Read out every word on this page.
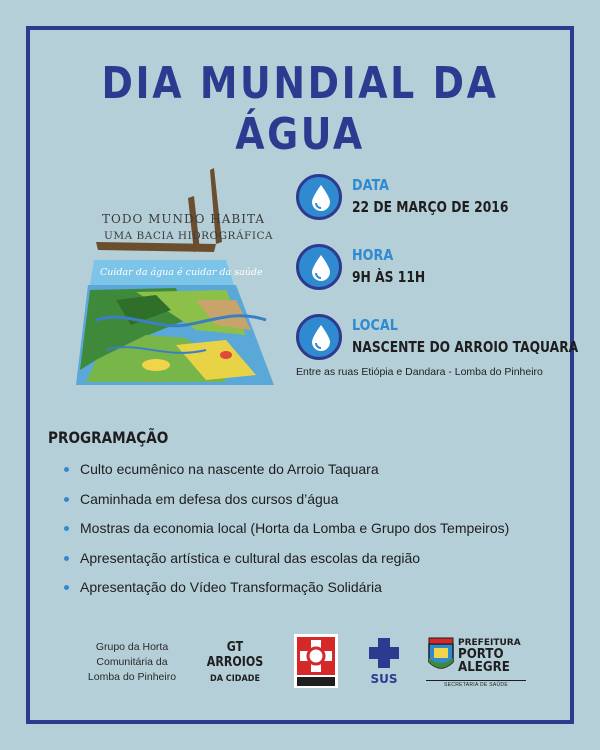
DIA MUNDIAL DA ÁGUA
TODO MUNDO HABITA
UMA BACIA HIDROGRÁFICA
Cuidar da água é cuidar da saúde
DATA
22 DE MARÇO DE 2016
HORA
9H ÀS 11H
LOCAL
NASCENTE DO ARROIO TAQUARA
Entre as ruas Etiópia e Dandara - Lomba do Pinheiro
PROGRAMAÇÃO
Culto ecumênico na nascente do Arroio Taquara
Caminhada em defesa dos cursos d’água
Mostras da economia local (Horta da Lomba e Grupo dos Tempeiros)
Apresentação artística e cultural das escolas da região
Apresentação do Vídeo Transformação Solidária
Grupo da Horta
Comunitária da
Lomba do Pinheiro
GT ARROIOS
DA CIDADE	SUS
PREFEITURA
PORTO
ALEGRE
SECRETARIA DE SAÚDE
